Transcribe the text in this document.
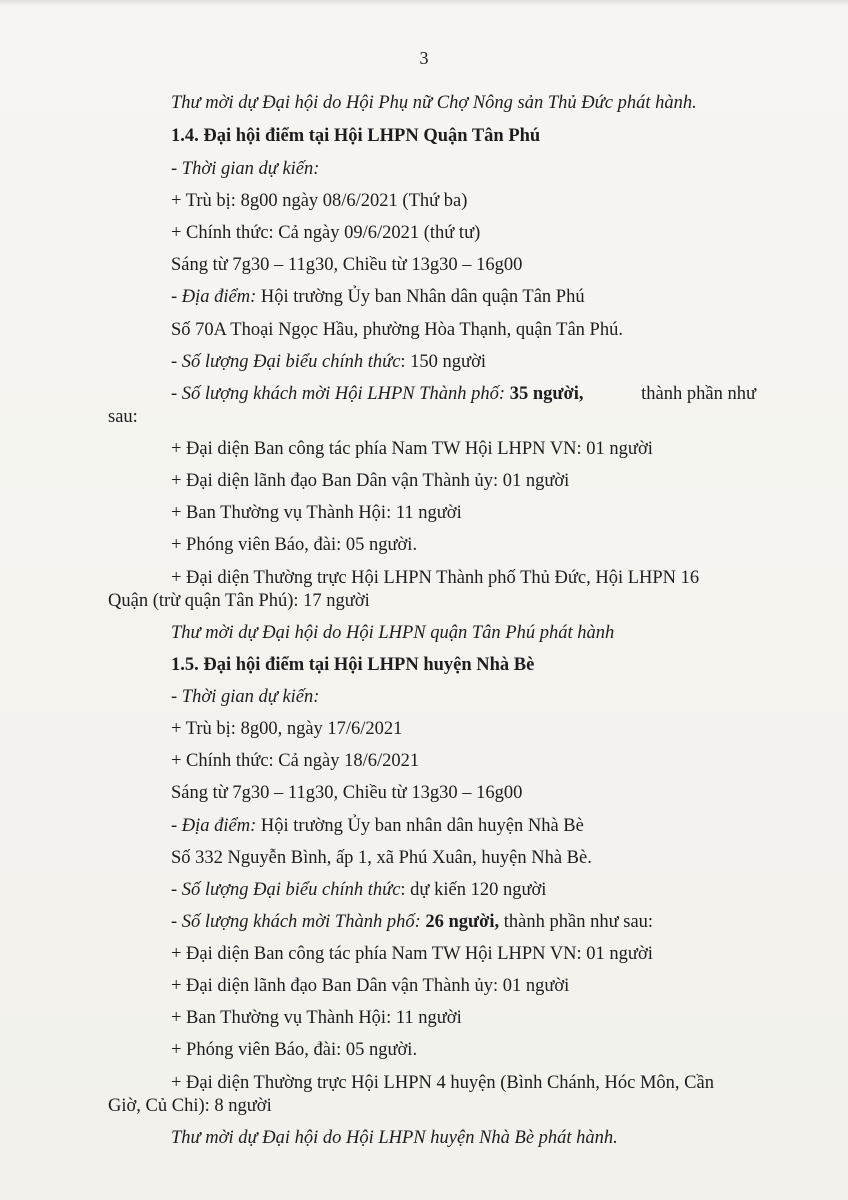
3
Thư mời dự Đại hội do Hội Phụ nữ Chợ Nông sản Thủ Đức phát hành.
1.4. Đại hội điểm tại Hội LHPN Quận Tân Phú
- Thời gian dự kiến:
+ Trù bị: 8g00 ngày 08/6/2021 (Thứ ba)
+ Chính thức: Cả ngày 09/6/2021 (thứ tư)
Sáng từ 7g30 – 11g30, Chiều từ 13g30 – 16g00
- Địa điểm: Hội trường Ủy ban Nhân dân quận Tân Phú
Số 70A Thoại Ngọc Hầu, phường Hòa Thạnh, quận Tân Phú.
- Số lượng Đại biểu chính thức: 150 người
- Số lượng khách mời Hội LHPN Thành phố: 35 người,	thành phần như
sau:
+ Đại diện Ban công tác phía Nam TW Hội LHPN VN: 01 người
+ Đại diện lãnh đạo Ban Dân vận Thành ủy: 01 người
+ Ban Thường vụ Thành Hội: 11 người
+ Phóng viên Báo, đài: 05 người.
+ Đại diện Thường trực Hội LHPN Thành phố Thủ Đức, Hội LHPN 16
Quận (trừ quận Tân Phú): 17 người
Thư mời dự Đại hội do Hội LHPN quận Tân Phú phát hành
1.5. Đại hội điểm tại Hội LHPN huyện Nhà Bè
- Thời gian dự kiến:
+ Trù bị: 8g00, ngày 17/6/2021
+ Chính thức: Cả ngày 18/6/2021
Sáng từ 7g30 – 11g30, Chiều từ 13g30 – 16g00
- Địa điểm: Hội trường Ủy ban nhân dân huyện Nhà Bè
Số 332 Nguyễn Bình, ấp 1, xã Phú Xuân, huyện Nhà Bè.
- Số lượng Đại biểu chính thức: dự kiến 120 người
- Số lượng khách mời Thành phố: 26 người, thành phần như sau:
+ Đại diện Ban công tác phía Nam TW Hội LHPN VN: 01 người
+ Đại diện lãnh đạo Ban Dân vận Thành ủy: 01 người
+ Ban Thường vụ Thành Hội: 11 người
+ Phóng viên Báo, đài: 05 người.
+ Đại diện Thường trực Hội LHPN 4 huyện (Bình Chánh, Hóc Môn, Cần
Giờ, Củ Chi): 8 người
Thư mời dự Đại hội do Hội LHPN huyện Nhà Bè phát hành.
